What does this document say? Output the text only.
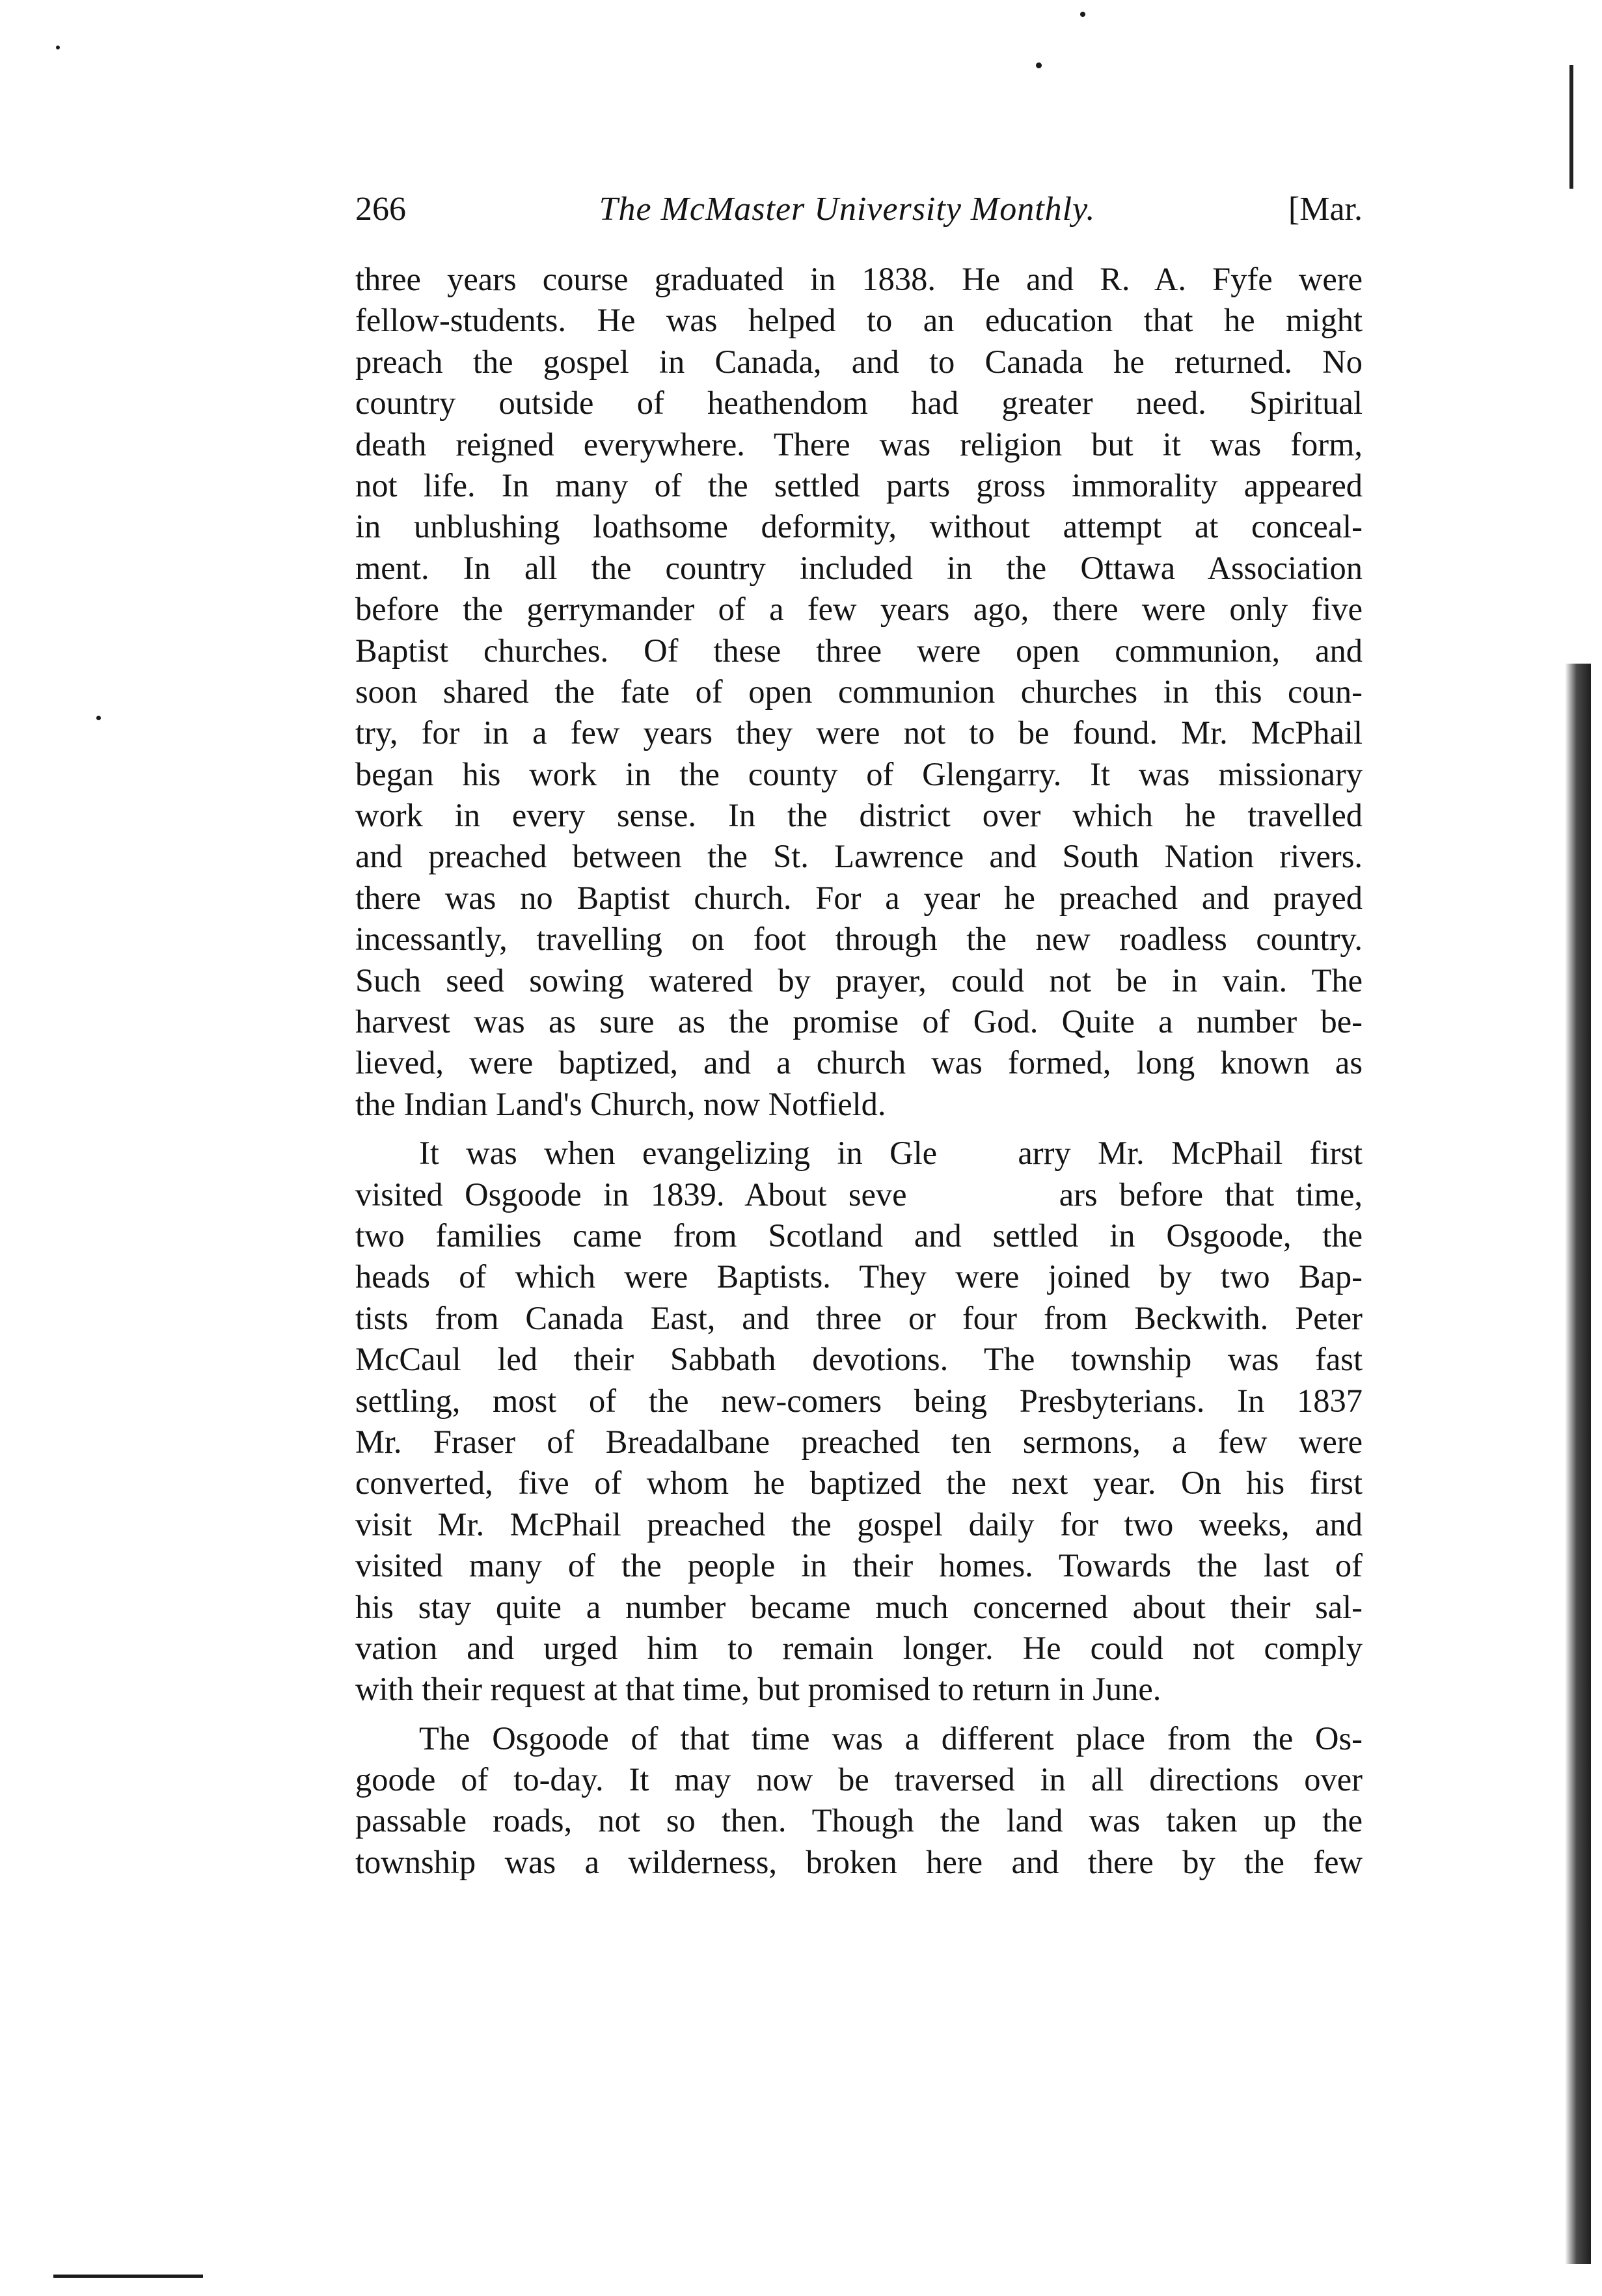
266	The McMaster University Monthly.	[Mar.

three years course graduated in 1838. He and R. A. Fyfe were
fellow-students. He was helped to an education that he might
preach the gospel in Canada, and to Canada he returned. No
country outside of heathendom had greater need. Spiritual
death reigned everywhere. There was religion but it was form,
not life. In many of the settled parts gross immorality appeared
in unblushing loathsome deformity, without attempt at conceal-
ment. In all the country included in the Ottawa Association
before the gerrymander of a few years ago, there were only five
Baptist churches. Of these three were open communion, and
soon shared the fate of open communion churches in this coun-
try, for in a few years they were not to be found. Mr. McPhail
began his work in the county of Glengarry. It was missionary
work in every sense. In the district over which he travelled
and preached between the St. Lawrence and South Nation rivers.
there was no Baptist church. For a year he preached and prayed
incessantly, travelling on foot through the new roadless country.
Such seed sowing watered by prayer, could not be in vain. The
harvest was as sure as the promise of God. Quite a number be-
lieved, were baptized, and a church was formed, long known as
the Indian Land's Church, now Notfield.

It was when evangelizing in Gle   arry Mr. McPhail first
visited Osgoode in 1839. About seve       ars before that time,
two families came from Scotland and settled in Osgoode, the
heads of which were Baptists. They were joined by two Bap-
tists from Canada East, and three or four from Beckwith. Peter
McCaul led their Sabbath devotions. The township was fast
settling, most of the new-comers being Presbyterians. In 1837
Mr. Fraser of Breadalbane preached ten sermons, a few were
converted, five of whom he baptized the next year. On his first
visit Mr. McPhail preached the gospel daily for two weeks, and
visited many of the people in their homes. Towards the last of
his stay quite a number became much concerned about their sal-
vation and urged him to remain longer. He could not comply
with their request at that time, but promised to return in June.

The Osgoode of that time was a different place from the Os-
goode of to-day. It may now be traversed in all directions over
passable roads, not so then. Though the land was taken up the
township was a wilderness, broken here and there by the few
